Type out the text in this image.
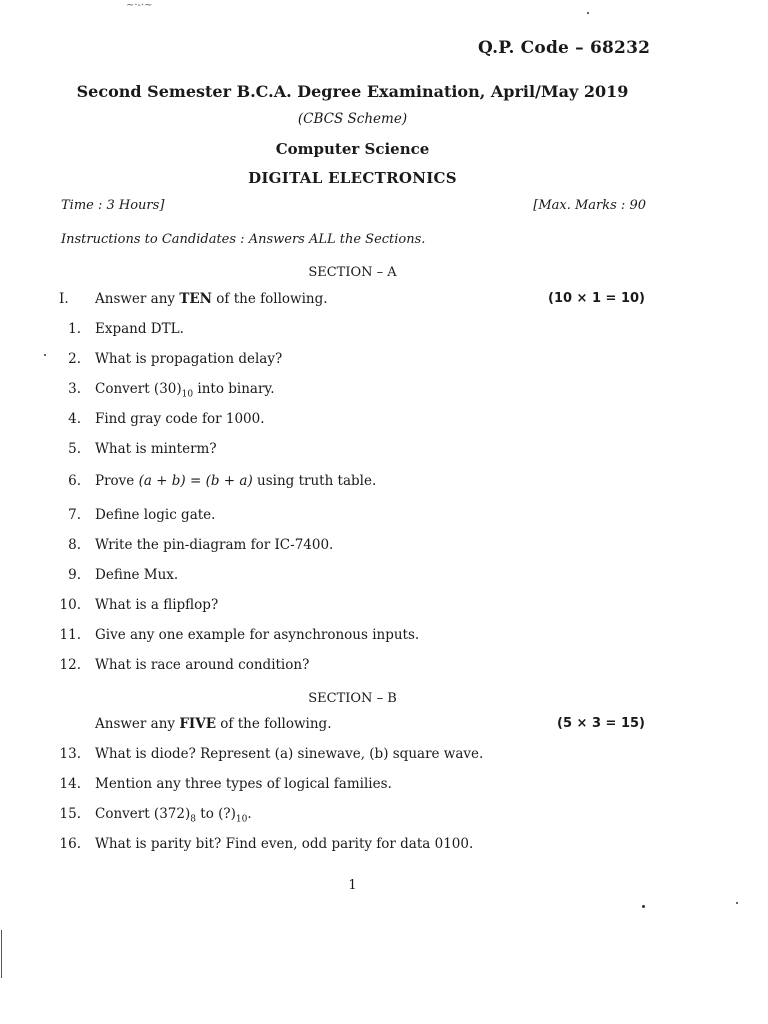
~·-·~
Q.P. Code – 68232
Second Semester B.C.A. Degree Examination, April/May 2019
(CBCS Scheme)
Computer Science
DIGITAL ELECTRONICS
Time : 3 Hours]	[Max. Marks : 90
Instructions to Candidates : Answers ALL the Sections.
SECTION – A
I. Answer any TEN of the following.	(10 × 1 = 10)
1. Expand DTL.
2. What is propagation delay?
3. Convert $(30)_{10}$ into binary.
4. Find gray code for 1000.
5. What is minterm?
6. Prove (a + b) = (b + a) using truth table.
7. Define logic gate.
8. Write the pin-diagram for IC-7400.
9. Define Mux.
10. What is a flipflop?
11. Give any one example for asynchronous inputs.
12. What is race around condition?
SECTION – B
Answer any FIVE of the following.	(5 × 3 = 15)
13. What is diode? Represent (a) sinewave, (b) square wave.
14. Mention any three types of logical families.
15. Convert $(372)_8$ to $(?)_{10}$.
16. What is parity bit? Find even, odd parity for data 0100.
1
